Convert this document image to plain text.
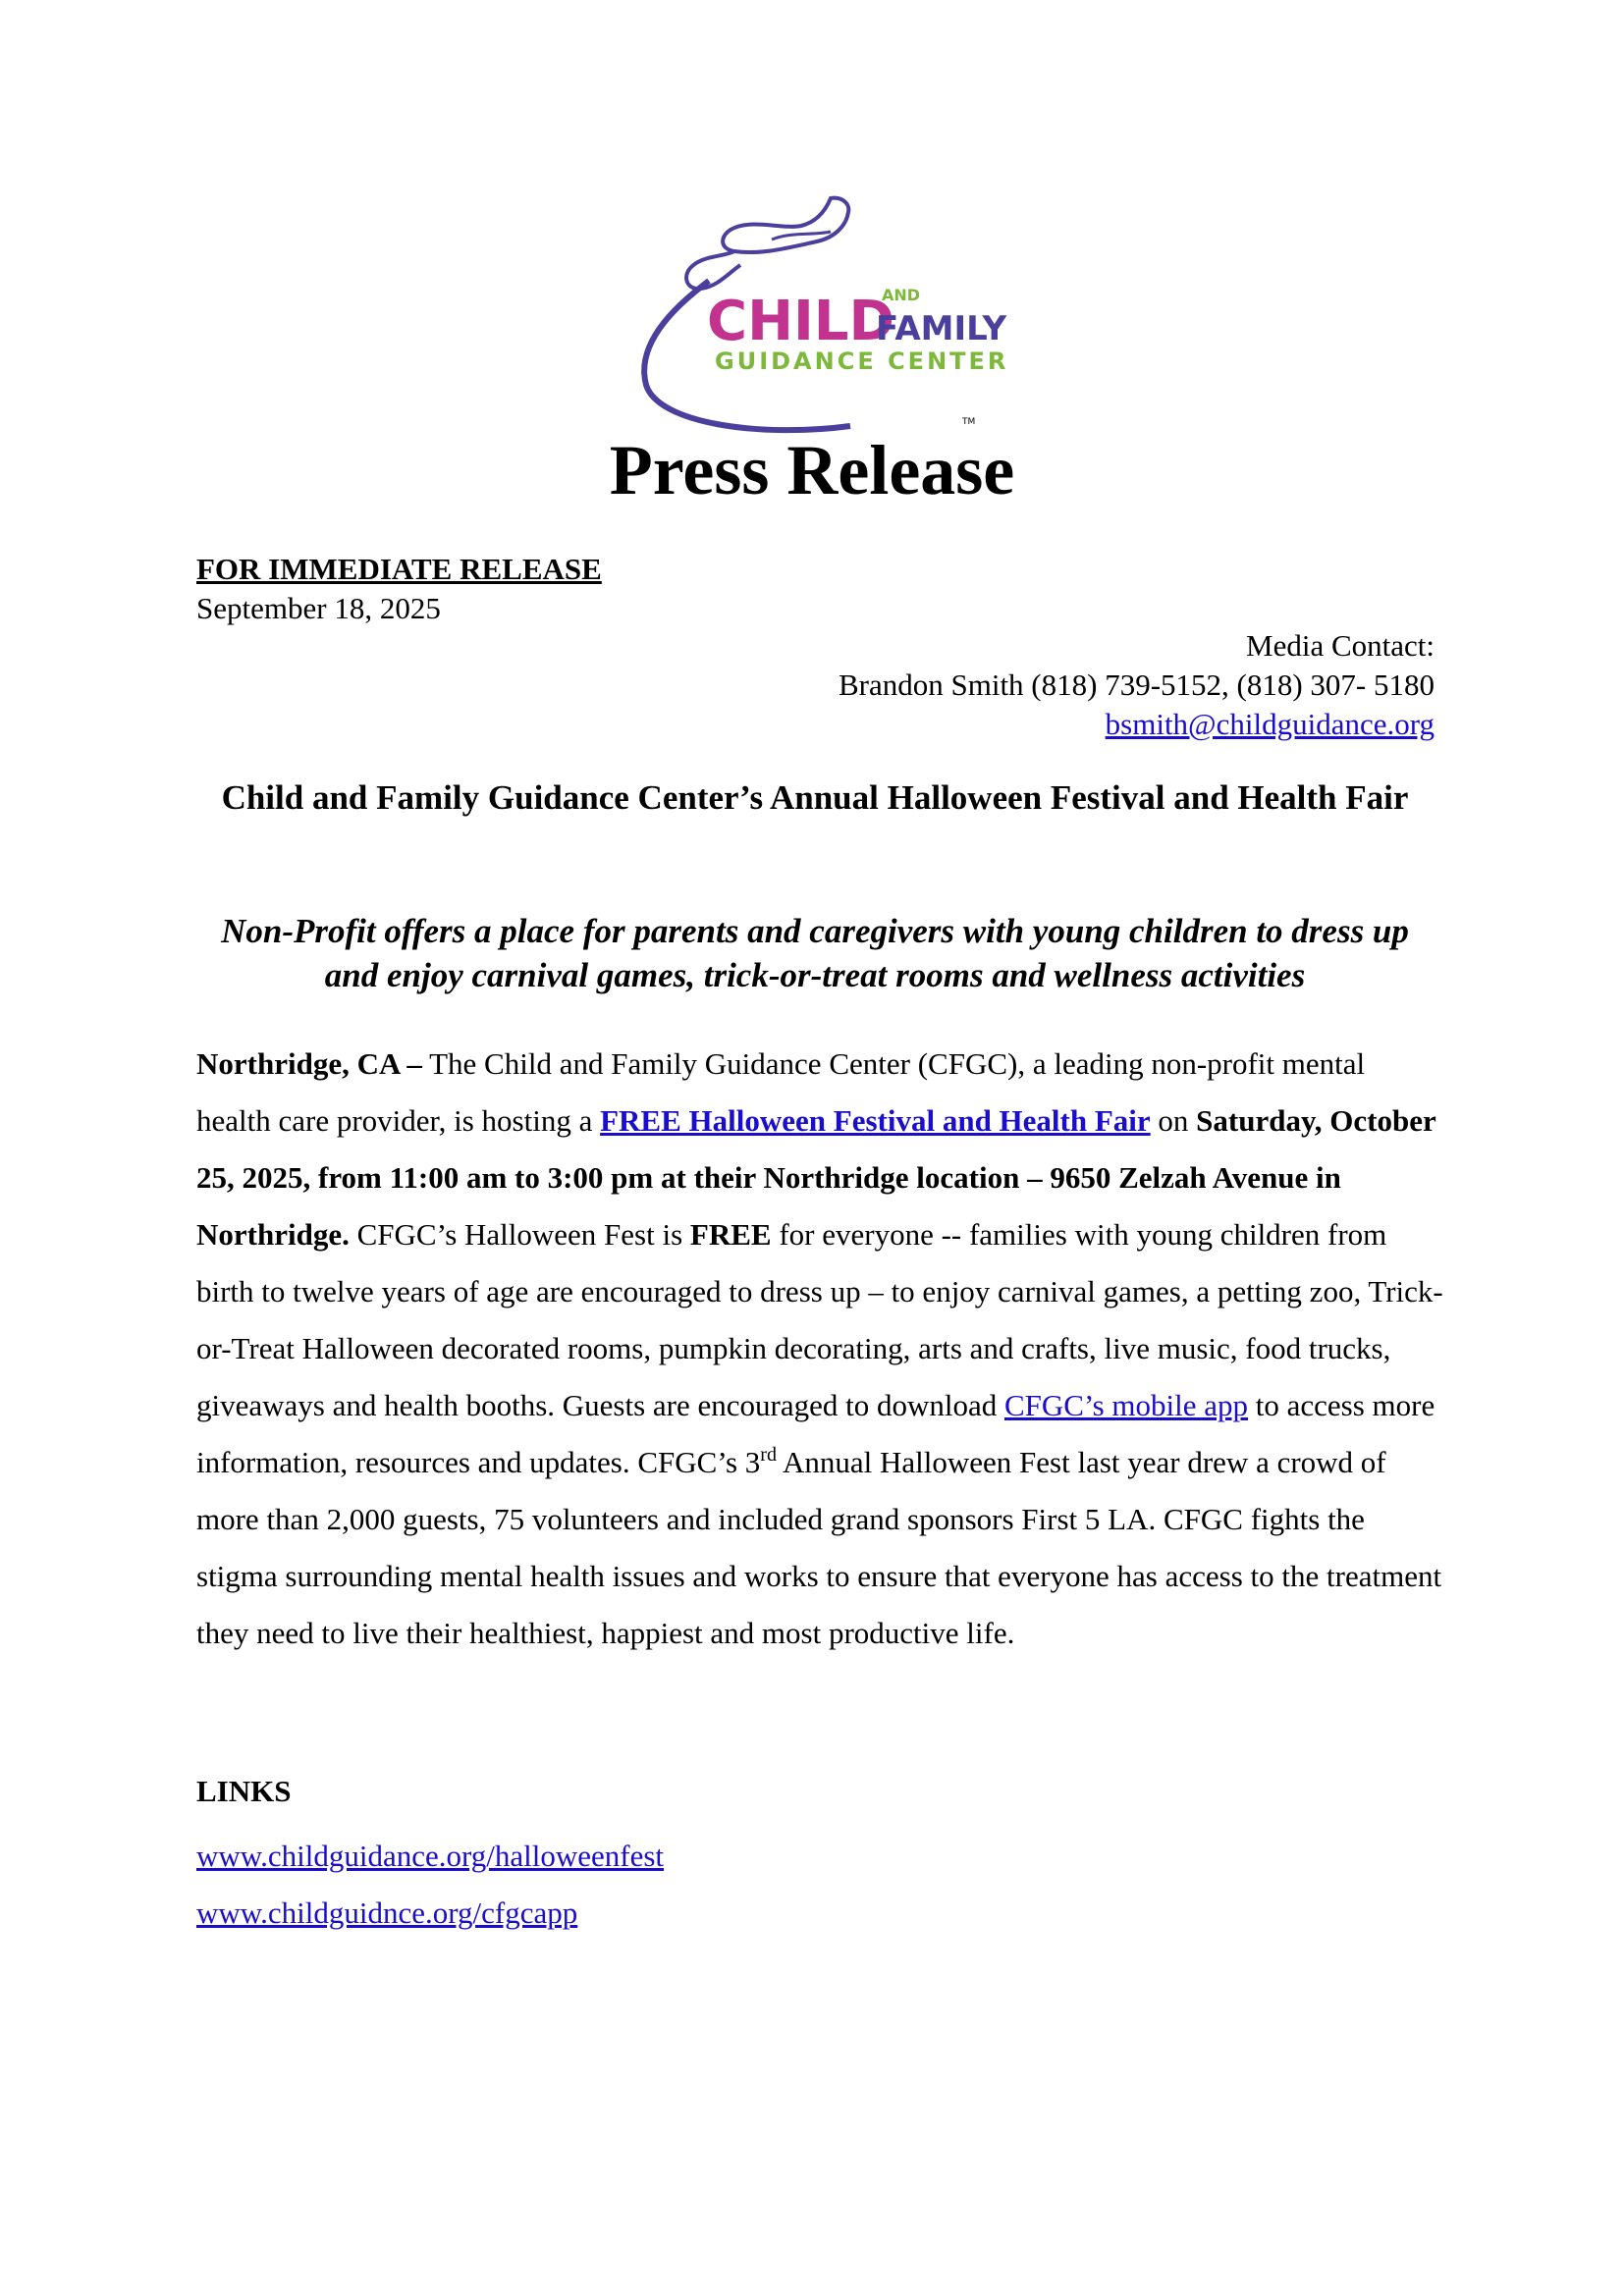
CHILD
AND
FAMILY
GUIDANCE CENTER
TM
Press Release
FOR IMMEDIATE RELEASE
September 18, 2025
Media Contact:
Brandon Smith (818) 739-5152, (818) 307- 5180
bsmith@childguidance.org
Child and Family Guidance Center’s Annual Halloween Festival and Health Fair
Non-Profit offers a place for parents and caregivers with young children to dress up and enjoy carnival games, trick-or-treat rooms and wellness activities
Northridge, CA – The Child and Family Guidance Center (CFGC), a leading non-profit mental health care provider, is hosting a FREE Halloween Festival and Health Fair on Saturday, October 25, 2025, from 11:00 am to 3:00 pm at their Northridge location – 9650 Zelzah Avenue in Northridge. CFGC’s Halloween Fest is FREE for everyone -- families with young children from birth to twelve years of age are encouraged to dress up – to enjoy carnival games, a petting zoo, Trick-or-Treat Halloween decorated rooms, pumpkin decorating, arts and crafts, live music, food trucks, giveaways and health booths. Guests are encouraged to download CFGC’s mobile app to access more information, resources and updates. CFGC’s 3rd Annual Halloween Fest last year drew a crowd of more than 2,000 guests, 75 volunteers and included grand sponsors First 5 LA. CFGC fights the stigma surrounding mental health issues and works to ensure that everyone has access to the treatment they need to live their healthiest, happiest and most productive life.
LINKS
www.childguidance.org/halloweenfest
www.childguidnce.org/cfgcapp
